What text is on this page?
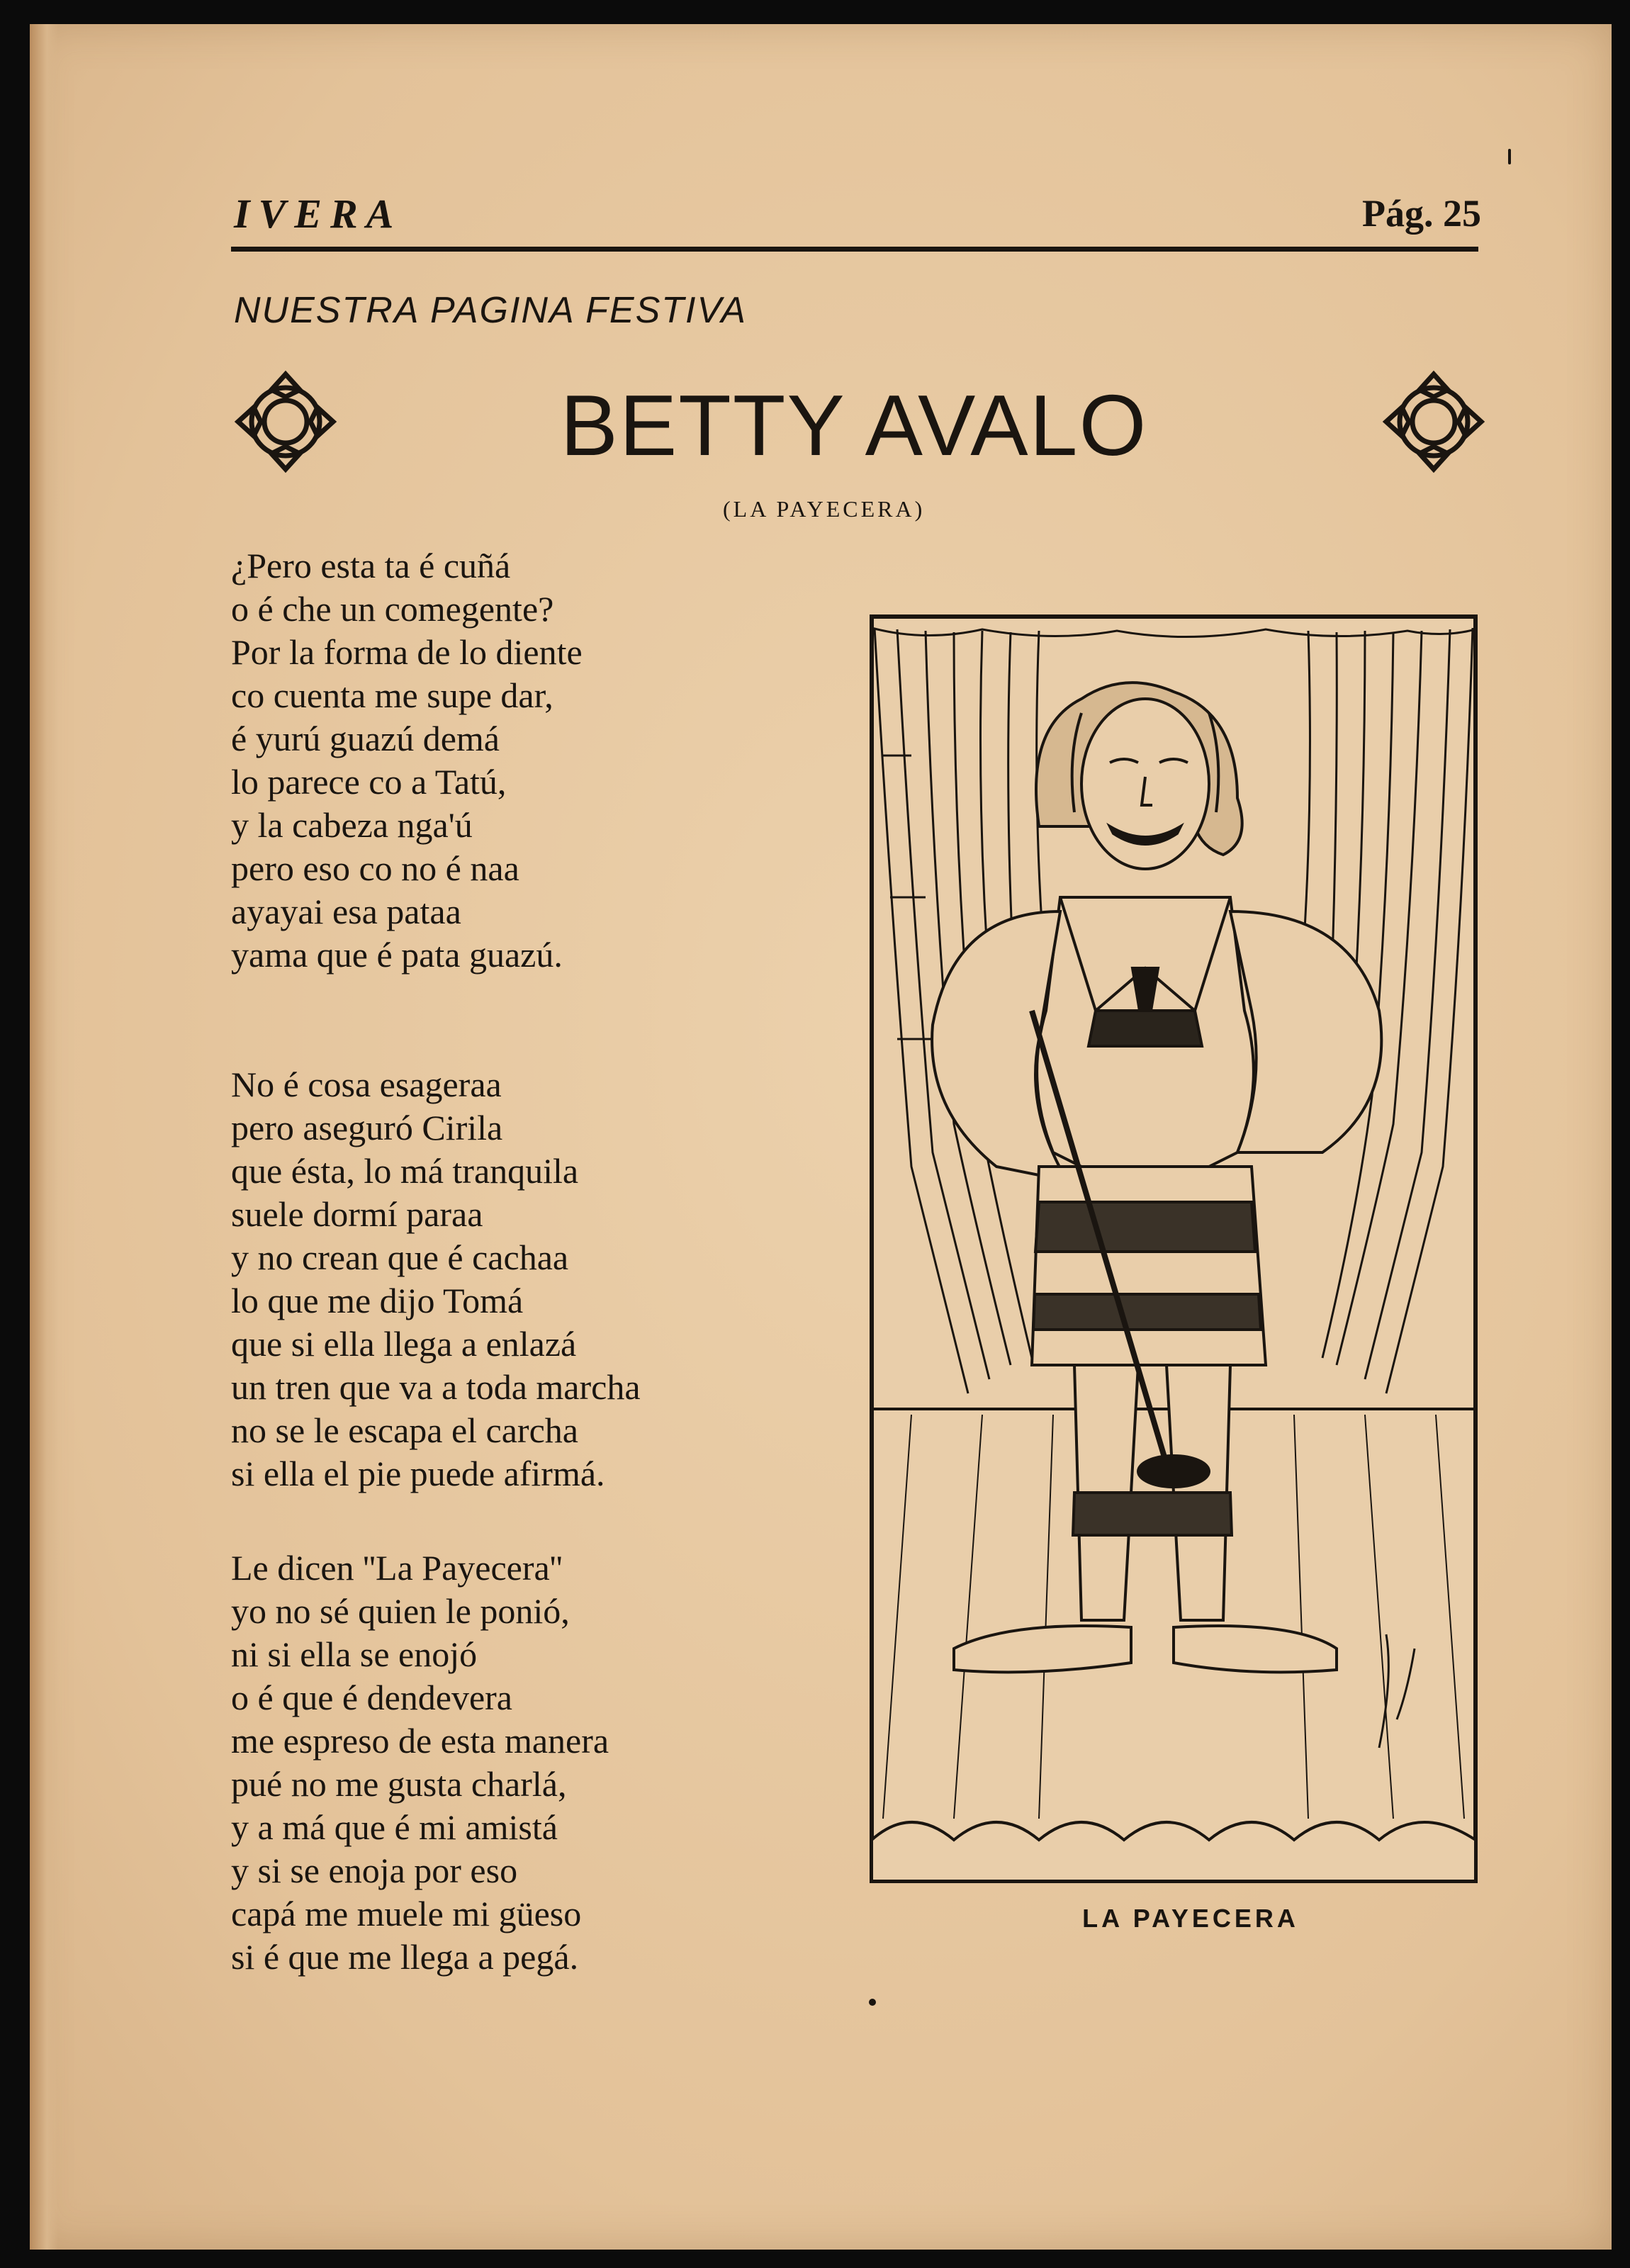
IVERA	Pág. 25
NUESTRA PAGINA FESTIVA
BETTY AVALO
(LA PAYECERA)
¿Pero esta ta é cuñá
o é che un comegente?
Por la forma de lo diente
co cuenta me supe dar,
é yurú guazú demá
lo parece co a Tatú,
y la cabeza nga'ú
pero eso co no é naa
ayayai esa pataa
yama que é pata guazú.
No é cosa esageraa
pero aseguró Cirila
que ésta, lo má tranquila
suele dormí paraa
y no crean que é cachaa
lo que me dijo Tomá
que si ella llega a enlazá
un tren que va a toda marcha
no se le escapa el carcha
si ella el pie puede afirmá.
Le dicen ''La Payecera''
yo no sé quien le ponió,
ni si ella se enojó
o é que é dendevera
me espreso de esta manera
pué no me gusta charlá,
y a má que é mi amistá
y si se enoja por eso
capá me muele mi güeso
si é que me llega a pegá.
LA PAYECERA
